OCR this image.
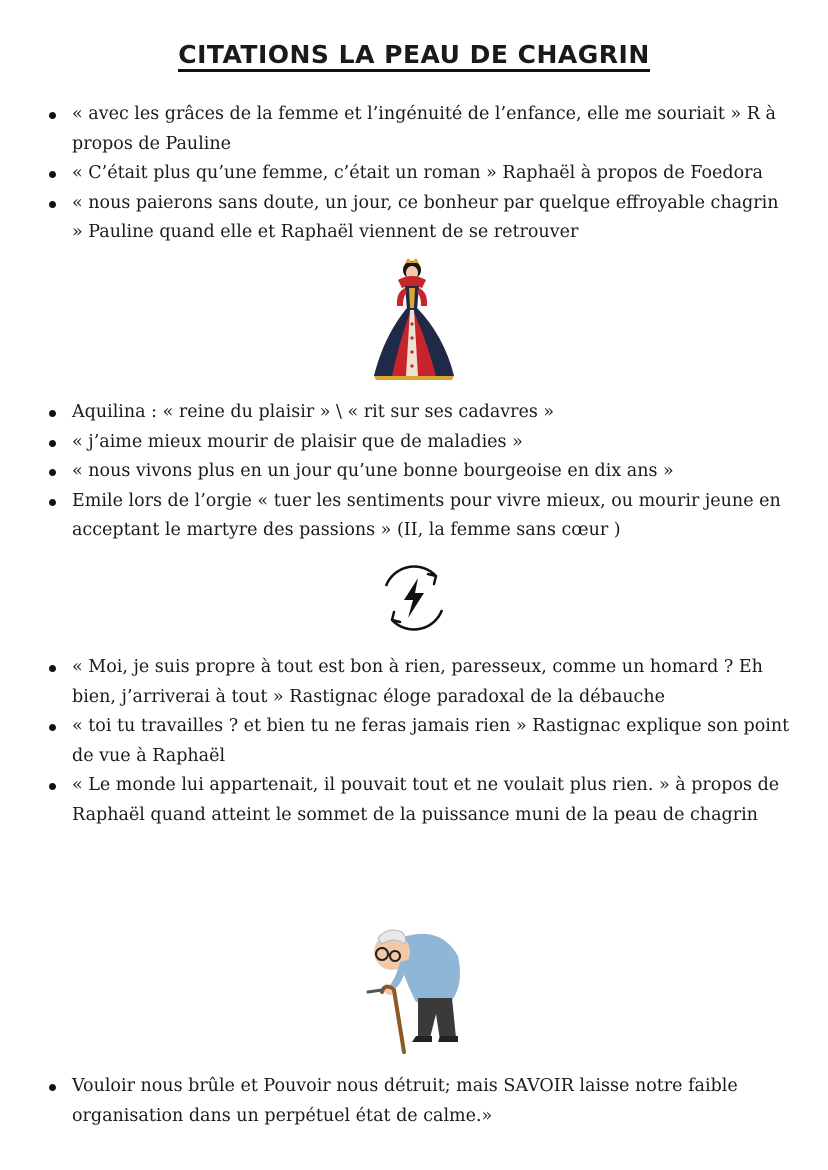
CITATIONS LA PEAU DE CHAGRIN
« avec les grâces de la femme et l’ingénuité de l’enfance, elle me souriait » R à propos de Pauline
« C’était plus qu’une femme, c’était un roman » Raphaël à propos de Foedora
« nous paierons sans doute, un jour, ce bonheur par quelque effroyable chagrin » Pauline quand elle et Raphaël viennent de se retrouver
Aquilina : « reine du plaisir » \ « rit sur ses cadavres »
« j’aime mieux mourir de plaisir que de maladies »
« nous vivons plus en un jour qu’une bonne bourgeoise en dix ans »
Emile lors de l’orgie « tuer les sentiments pour vivre mieux, ou mourir jeune en acceptant le martyre des passions » (II, la femme sans cœur )
« Moi, je suis propre à tout est bon à rien, paresseux, comme un homard ? Eh bien, j’arriverai à tout » Rastignac éloge paradoxal de la débauche
« toi tu travailles ? et bien tu ne feras jamais rien » Rastignac explique son point de vue à Raphaël
« Le monde lui appartenait, il pouvait tout et ne voulait plus rien. » à propos de Raphaël quand atteint le sommet de la puissance muni de la peau de chagrin
Vouloir nous brûle et Pouvoir nous détruit; mais SAVOIR laisse notre faible organisation dans un perpétuel état de calme.»
